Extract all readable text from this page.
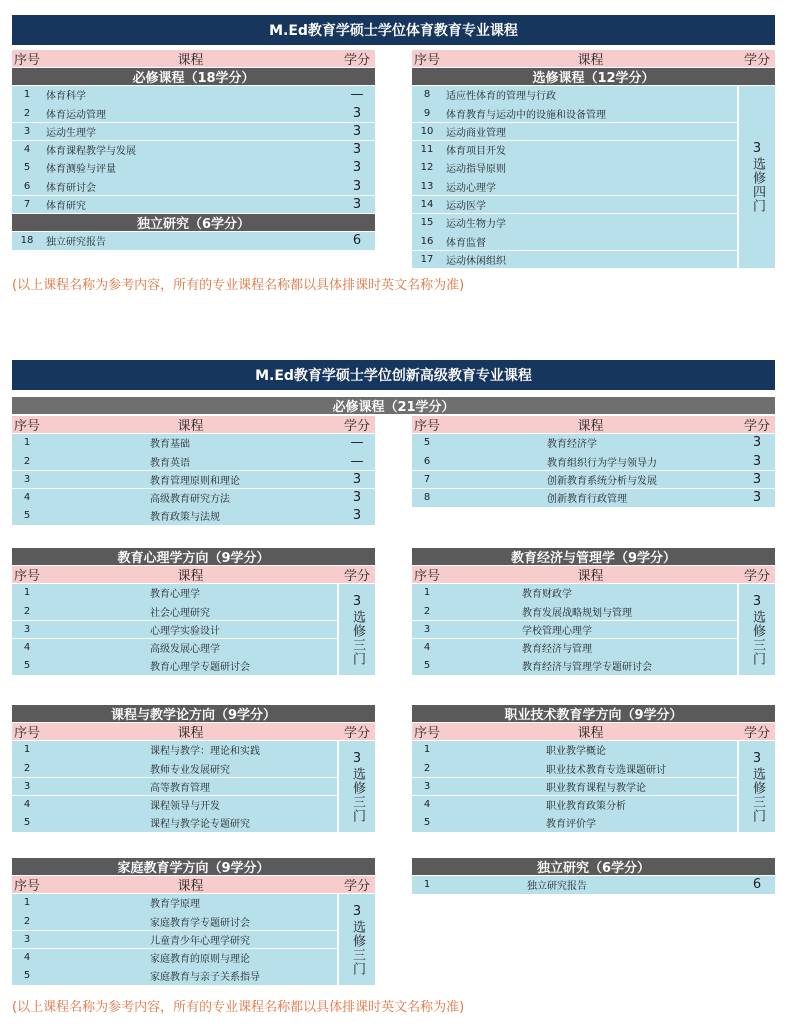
M.Ed教育学硕士学位体育教育专业课程
序号	课程	学分
必修课程（18学分）
1	体育科学	—
2	体育运动管理	3
3	运动生理学	3
4	体育课程教学与发展	3
5	体育测验与评量	3
6	体育研讨会	3
7	体育研究	3
独立研究（6学分）
18	独立研究报告	6
序号	课程	学分
选修课程（12学分）
8	适应性体育的管理与行政
9	体育教育与运动中的设施和设备管理
10	运动商业管理
11	体育项目开发
12	运动指导原则
13	运动心理学
14	运动医学
15	运动生物力学
16	体育监督
17	运动休闲组织
3
选修四门
(以上课程名称为参考内容，所有的专业课程名称都以具体排课时英文名称为准)
M.Ed教育学硕士学位创新高级教育专业课程
必修课程（21学分）
序号	课程	学分
1	教育基础	—
2	教育英语	—
3	教育管理原则和理论	3
4	高级教育研究方法	3
5	教育政策与法规	3
序号	课程	学分
5	教育经济学	3
6	教育组织行为学与领导力	3
7	创新教育系统分析与发展	3
8	创新教育行政管理	3
教育心理学方向（9学分）
序号	课程	学分
1	教育心理学
2	社会心理研究
3	心理学实验设计
4	高级发展心理学
5	教育心理学专题研讨会
3
选修三门
教育经济与管理学（9学分）
序号	课程	学分
1	教育财政学
2	教育发展战略规划与管理
3	学校管理心理学
4	教育经济与管理
5	教育经济与管理学专题研讨会
3
选修三门
课程与教学论方向（9学分）
序号	课程	学分
1	课程与教学：理论和实践
2	教师专业发展研究
3	高等教育管理
4	课程领导与开发
5	课程与教学论专题研究
3
选修三门
职业技术教育学方向（9学分）
序号	课程	学分
1	职业教学概论
2	职业技术教育专选课题研讨
3	职业教育课程与教学论
4	职业教育政策分析
5	教育评价学
3
选修三门
家庭教育学方向（9学分）
序号	课程	学分
1	教育学原理
2	家庭教育学专题研讨会
3	儿童青少年心理学研究
4	家庭教育的原则与理论
5	家庭教育与亲子关系指导
3
选修三门
独立研究（6学分）
1	独立研究报告	6
(以上课程名称为参考内容，所有的专业课程名称都以具体排课时英文名称为准)
